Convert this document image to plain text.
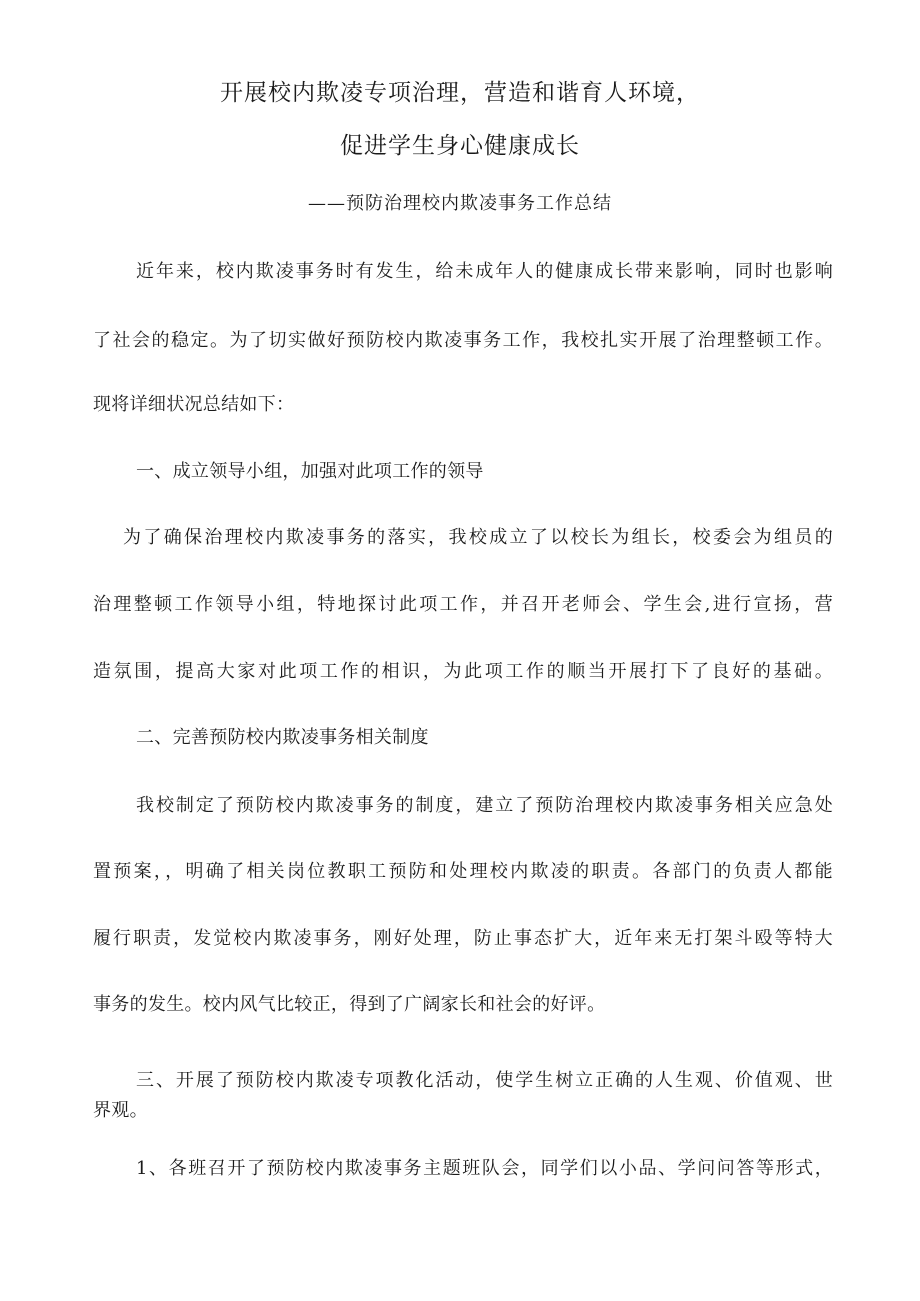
开展校内欺凌专项治理，营造和谐育人环境，
促进学生身心健康成长
——预防治理校内欺凌事务工作总结
近年来，校内欺凌事务时有发生，给未成年人的健康成长带来影响，同时也影响
了社会的稳定。为了切实做好预防校内欺凌事务工作，我校扎实开展了治理整顿工作。
现将详细状况总结如下：
一、成立领导小组，加强对此项工作的领导
为了确保治理校内欺凌事务的落实，我校成立了以校长为组长，校委会为组员的
治理整顿工作领导小组，特地探讨此项工作，并召开老师会、学生会,进行宣扬，营
造氛围，提高大家对此项工作的相识，为此项工作的顺当开展打下了良好的基础。
二、完善预防校内欺凌事务相关制度
我校制定了预防校内欺凌事务的制度，建立了预防治理校内欺凌事务相关应急处
置预案，，明确了相关岗位教职工预防和处理校内欺凌的职责。各部门的负责人都能
履行职责，发觉校内欺凌事务，刚好处理，防止事态扩大，近年来无打架斗殴等特大
事务的发生。校内风气比较正，得到了广阔家长和社会的好评。
三、开展了预防校内欺凌专项教化活动，使学生树立正确的人生观、价值观、世
界观。
1、各班召开了预防校内欺凌事务主题班队会，同学们以小品、学问问答等形式，
